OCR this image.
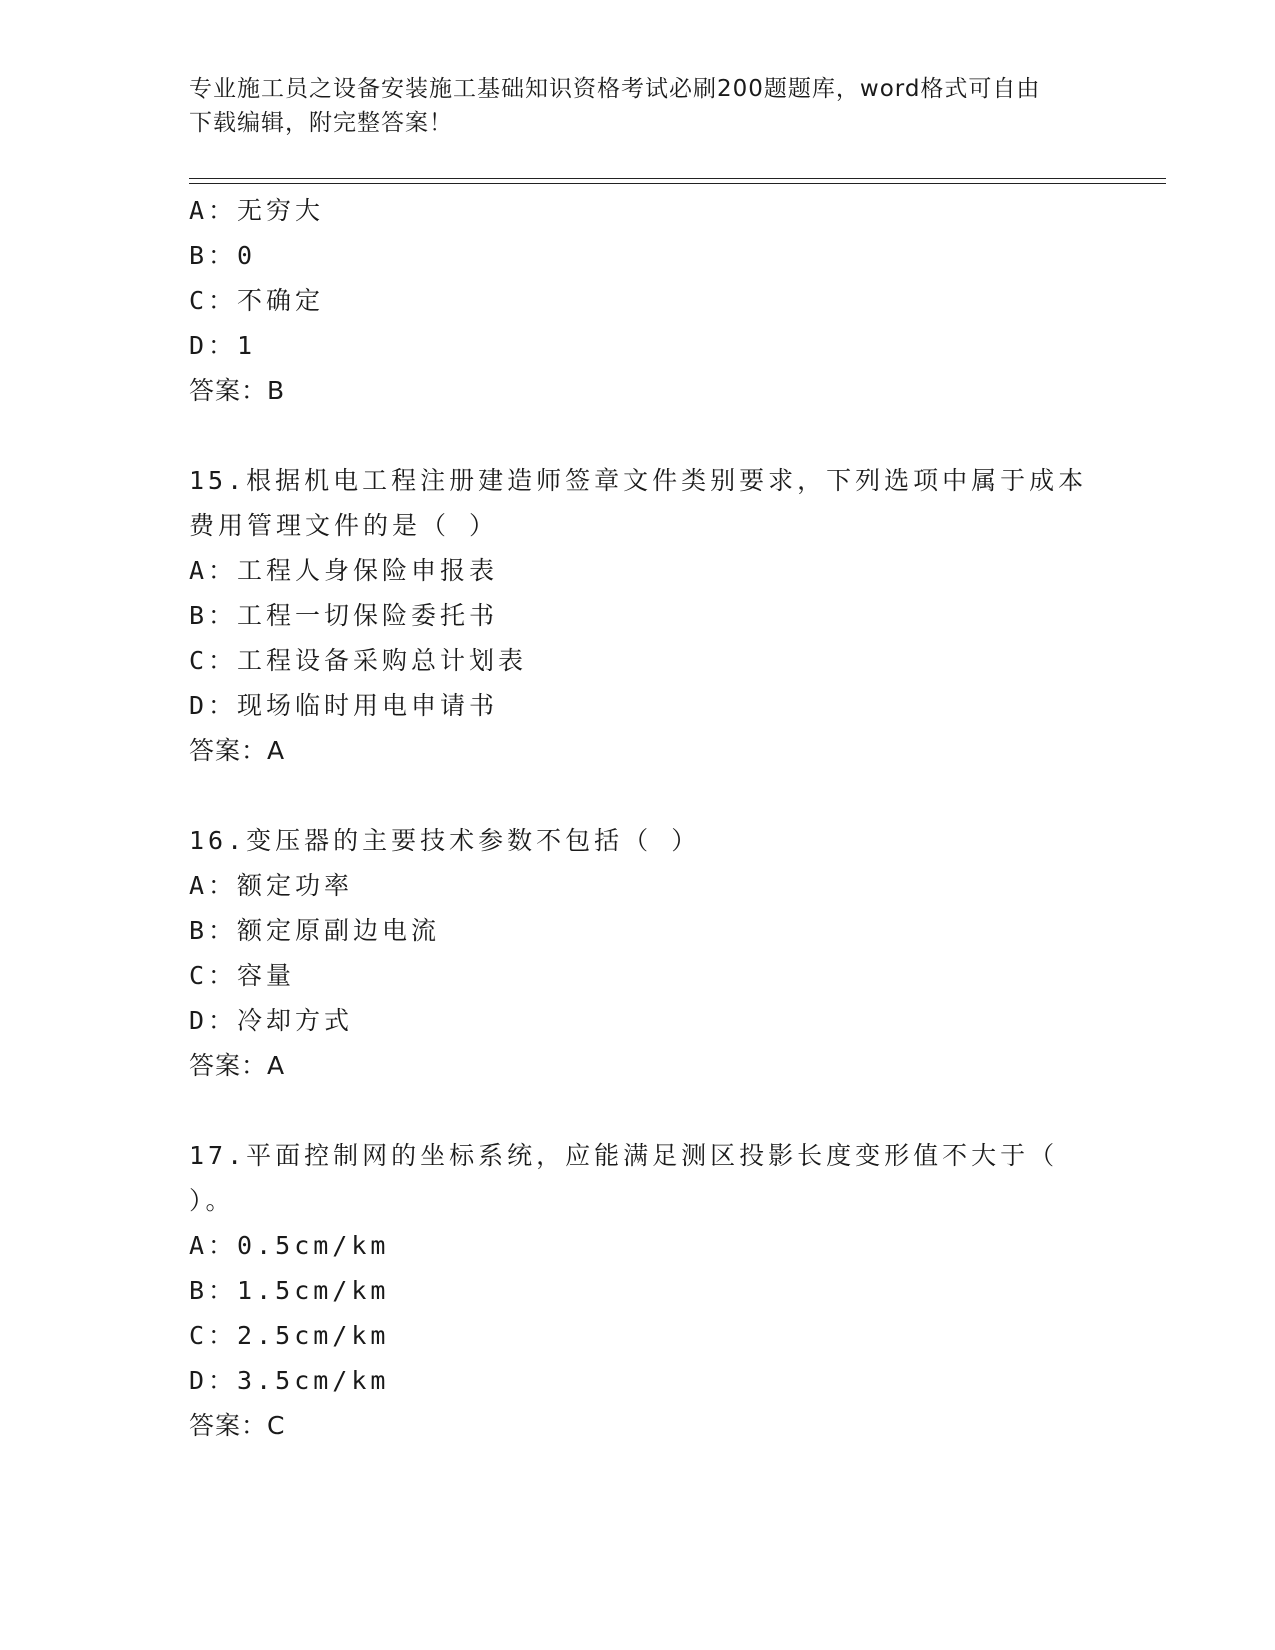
专业施工员之设备安装施工基础知识资格考试必刷200题题库，word格式可自由
下载编辑，附完整答案！
A：无穷大
B：0
C：不确定
D：1
答案：B
15.根据机电工程注册建造师签章文件类别要求，下列选项中属于成本
费用管理文件的是（ ）
A：工程人身保险申报表
B：工程一切保险委托书
C：工程设备采购总计划表
D：现场临时用电申请书
答案：A
16.变压器的主要技术参数不包括（ ）
A：额定功率
B：额定原副边电流
C：容量
D：冷却方式
答案：A
17.平面控制网的坐标系统，应能满足测区投影长度变形值不大于（
）。
A：0.5cm/km
B：1.5cm/km
C：2.5cm/km
D：3.5cm/km
答案：C
